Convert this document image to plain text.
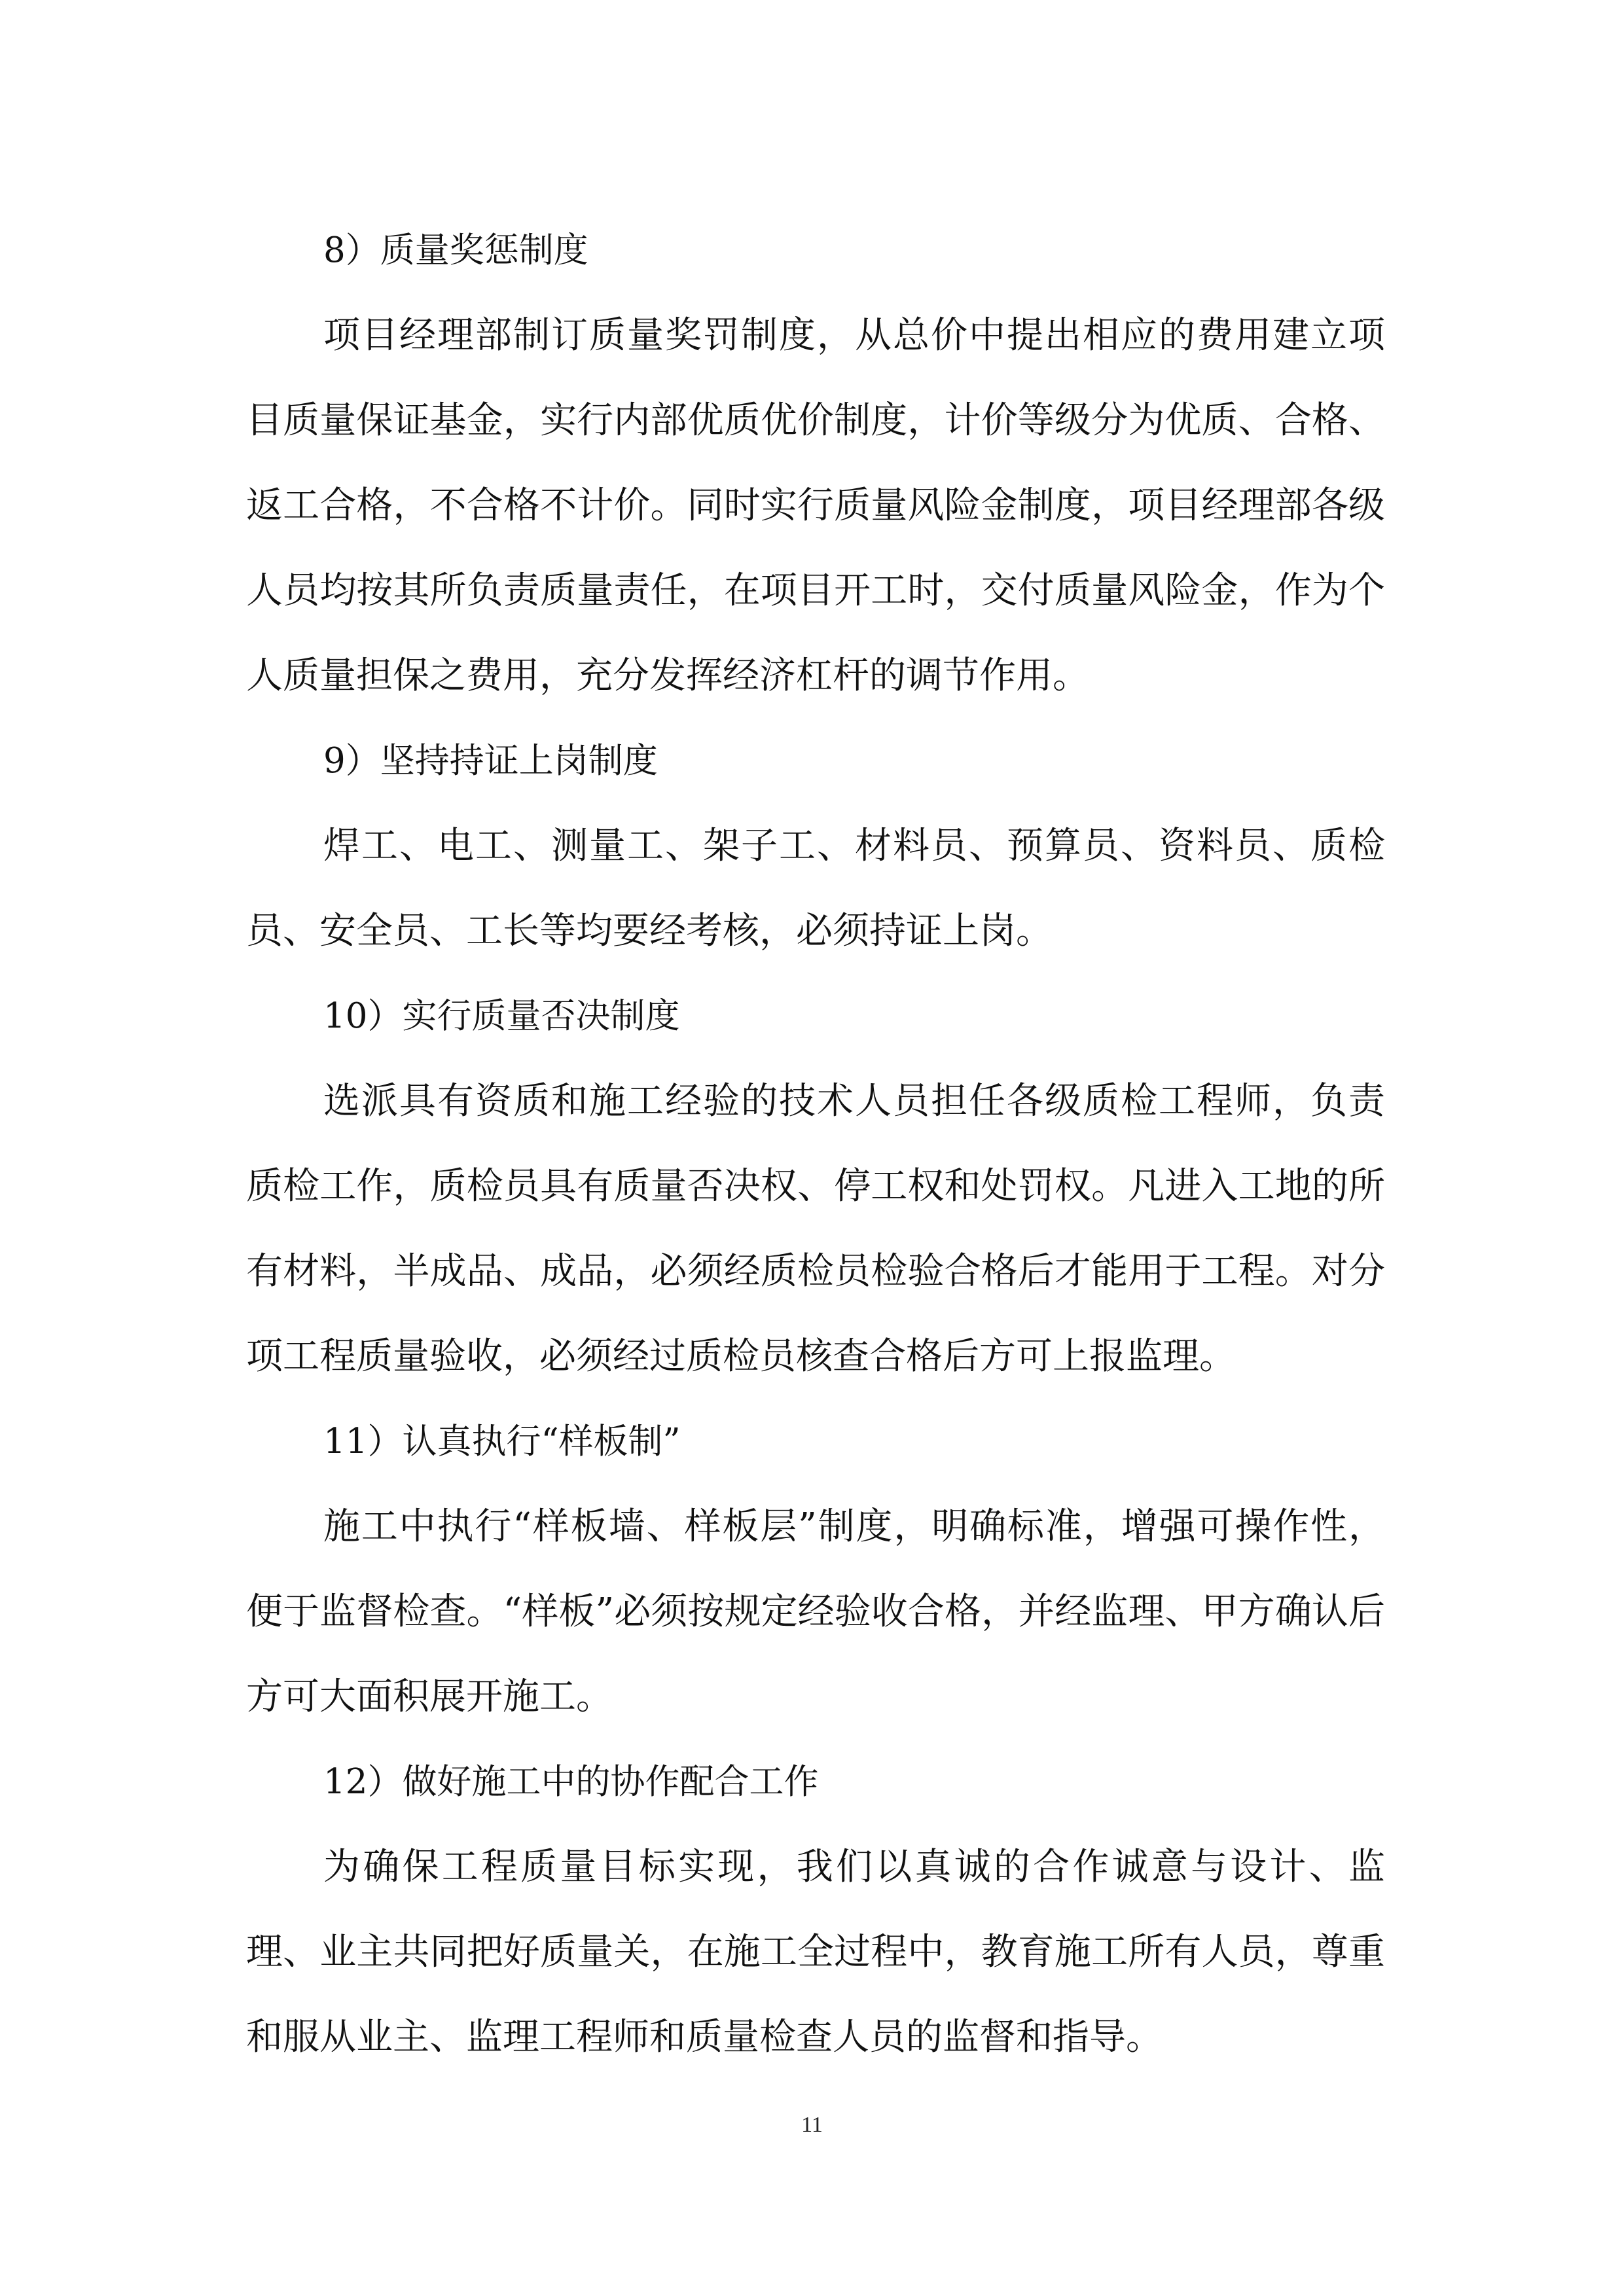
8）质量奖惩制度

项目经理部制订质量奖罚制度，从总价中提出相应的费用建立项目质量保证基金，实行内部优质优价制度，计价等级分为优质、合格、返工合格，不合格不计价。同时实行质量风险金制度，项目经理部各级人员均按其所负责质量责任，在项目开工时，交付质量风险金，作为个人质量担保之费用，充分发挥经济杠杆的调节作用。

9）坚持持证上岗制度

焊工、电工、测量工、架子工、材料员、预算员、资料员、质检员、安全员、工长等均要经考核，必须持证上岗。

10）实行质量否决制度

选派具有资质和施工经验的技术人员担任各级质检工程师，负责质检工作，质检员具有质量否决权、停工权和处罚权。凡进入工地的所有材料，半成品、成品，必须经质检员检验合格后才能用于工程。对分项工程质量验收，必须经过质检员核查合格后方可上报监理。

11）认真执行“样板制”

施工中执行“样板墙、样板层”制度，明确标准，增强可操作性，便于监督检查。“样板”必须按规定经验收合格，并经监理、甲方确认后方可大面积展开施工。

12）做好施工中的协作配合工作

为确保工程质量目标实现，我们以真诚的合作诚意与设计、监理、业主共同把好质量关，在施工全过程中，教育施工所有人员，尊重和服从业主、监理工程师和质量检查人员的监督和指导。

11
